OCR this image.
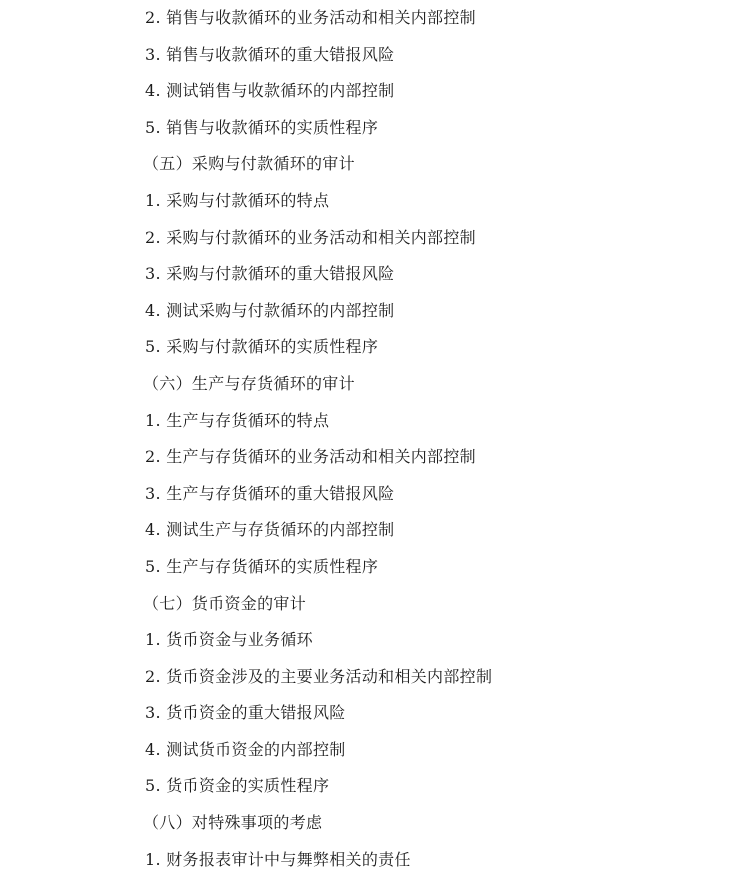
2. 销售与收款循环的业务活动和相关内部控制
3. 销售与收款循环的重大错报风险
4. 测试销售与收款循环的内部控制
5. 销售与收款循环的实质性程序
（五）采购与付款循环的审计
1. 采购与付款循环的特点
2. 采购与付款循环的业务活动和相关内部控制
3. 采购与付款循环的重大错报风险
4. 测试采购与付款循环的内部控制
5. 采购与付款循环的实质性程序
（六）生产与存货循环的审计
1. 生产与存货循环的特点
2. 生产与存货循环的业务活动和相关内部控制
3. 生产与存货循环的重大错报风险
4. 测试生产与存货循环的内部控制
5. 生产与存货循环的实质性程序
（七）货币资金的审计
1. 货币资金与业务循环
2. 货币资金涉及的主要业务活动和相关内部控制
3. 货币资金的重大错报风险
4. 测试货币资金的内部控制
5. 货币资金的实质性程序
（八）对特殊事项的考虑
1. 财务报表审计中与舞弊相关的责任
